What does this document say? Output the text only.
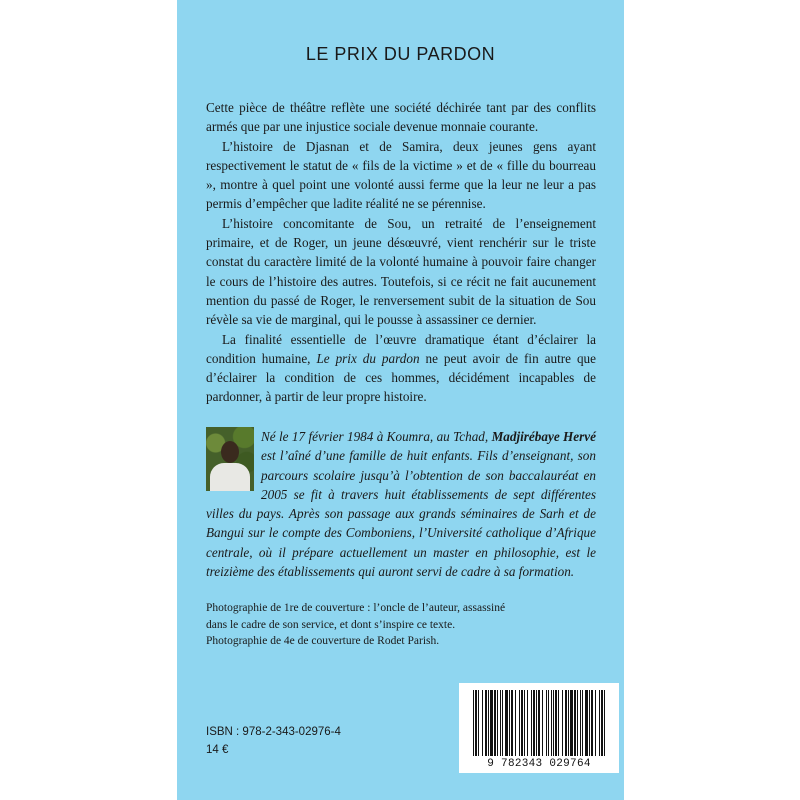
LE PRIX DU PARDON

Cette pièce de théâtre reflète une société déchirée tant par des conflits armés que par une injustice sociale devenue monnaie courante.

L’histoire de Djasnan et de Samira, deux jeunes gens ayant respectivement le statut de « fils de la victime » et de « fille du bourreau », montre à quel point une volonté aussi ferme que la leur ne leur a pas permis d’empêcher que ladite réalité ne se pérennise.

L’histoire concomitante de Sou, un retraité de l’enseignement primaire, et de Roger, un jeune désœuvré, vient renchérir sur le triste constat du caractère limité de la volonté humaine à pouvoir faire changer le cours de l’histoire des autres. Toutefois, si ce récit ne fait aucunement mention du passé de Roger, le renversement subit de la situation de Sou révèle sa vie de marginal, qui le pousse à assassiner ce dernier.

La finalité essentielle de l’œuvre dramatique étant d’éclairer la condition humaine, Le prix du pardon ne peut avoir de fin autre que d’éclairer la condition de ces hommes, décidément incapables de pardonner, à partir de leur propre histoire.

Né le 17 février 1984 à Koumra, au Tchad, Madjirébaye Hervé est l’aîné d’une famille de huit enfants. Fils d’enseignant, son parcours scolaire jusqu’à l’obtention de son baccalauréat en 2005 se fit à travers huit établissements de sept différentes villes du pays. Après son passage aux grands séminaires de Sarh et de Bangui sur le compte des Comboniens, l’Université catholique d’Afrique centrale, où il prépare actuellement un master en philosophie, est le treizième des établissements qui auront servi de cadre à sa formation.

Photographie de 1re de couverture : l’oncle de l’auteur, assassiné dans le cadre de son service, et dont s’inspire ce texte.

Photographie de 4e de couverture de Rodet Parish.

9 782343 029764
ISBN : 978-2-343-02976-4
14 €
